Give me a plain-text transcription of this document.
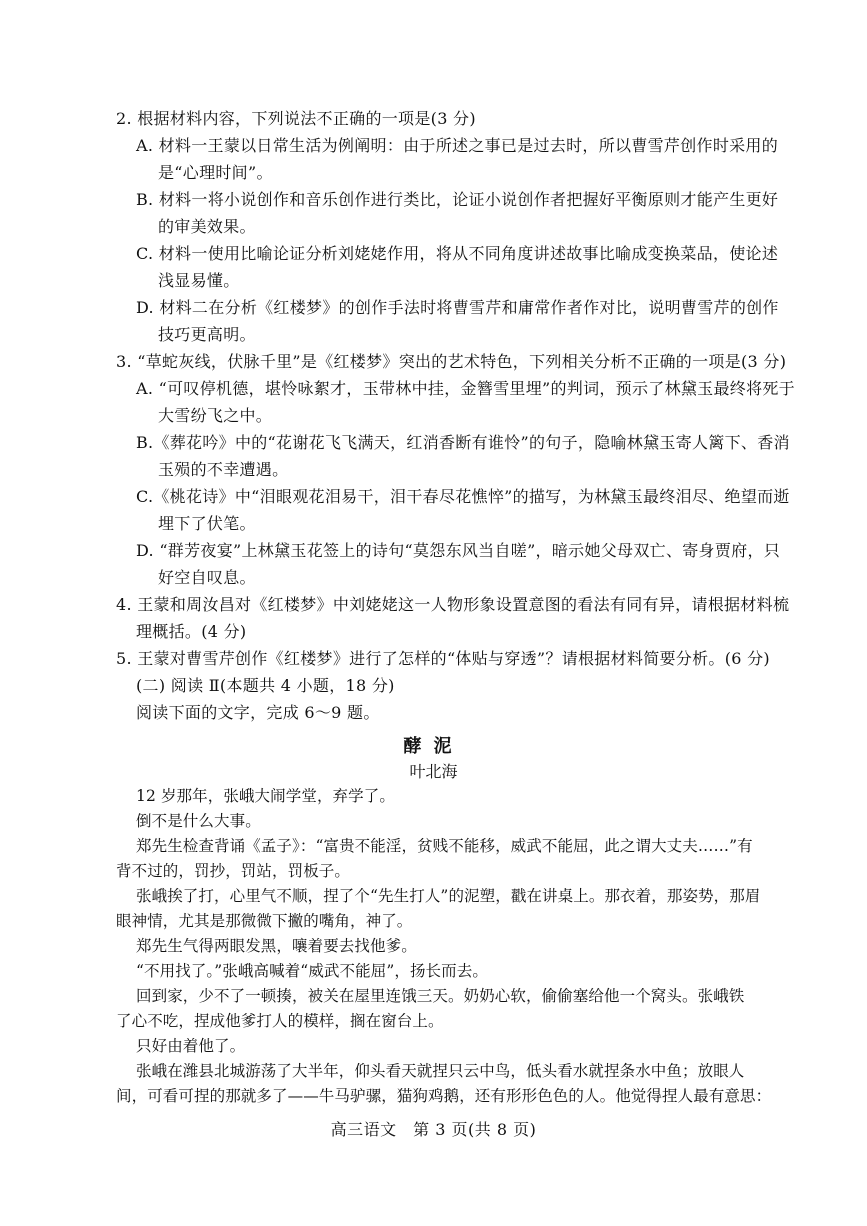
2. 根据材料内容，下列说法不正确的一项是(3 分)
A. 材料一王蒙以日常生活为例阐明：由于所述之事已是过去时，所以曹雪芹创作时采用的
是“心理时间”。
B. 材料一将小说创作和音乐创作进行类比，论证小说创作者把握好平衡原则才能产生更好
的审美效果。
C. 材料一使用比喻论证分析刘姥姥作用，将从不同角度讲述故事比喻成变换菜品，使论述
浅显易懂。
D. 材料二在分析《红楼梦》的创作手法时将曹雪芹和庸常作者作对比，说明曹雪芹的创作
技巧更高明。
3. “草蛇灰线，伏脉千里”是《红楼梦》突出的艺术特色，下列相关分析不正确的一项是(3 分)
A. “可叹停机德，堪怜咏絮才，玉带林中挂，金簪雪里埋”的判词，预示了林黛玉最终将死于
大雪纷飞之中。
B.《葬花吟》中的“花谢花飞飞满天，红消香断有谁怜”的句子，隐喻林黛玉寄人篱下、香消
玉殒的不幸遭遇。
C.《桃花诗》中“泪眼观花泪易干，泪干春尽花憔悴”的描写，为林黛玉最终泪尽、绝望而逝
埋下了伏笔。
D. “群芳夜宴”上林黛玉花签上的诗句“莫怨东风当自嗟”，暗示她父母双亡、寄身贾府，只
好空自叹息。
4. 王蒙和周汝昌对《红楼梦》中刘姥姥这一人物形象设置意图的看法有同有异，请根据材料梳
理概括。(4 分)
5. 王蒙对曹雪芹创作《红楼梦》进行了怎样的“体贴与穿透”？请根据材料简要分析。(6 分)
(二) 阅读 Ⅱ(本题共 4 小题，18 分)
阅读下面的文字，完成 6～9 题。
酵泥
叶北海
12 岁那年，张峨大闹学堂，弃学了。
倒不是什么大事。
郑先生检查背诵《孟子》：“富贵不能淫，贫贱不能移，威武不能屈，此之谓大丈夫……”有
背不过的，罚抄，罚站，罚板子。
张峨挨了打，心里气不顺，捏了个“先生打人”的泥塑，戳在讲桌上。那衣着，那姿势，那眉
眼神情，尤其是那微微下撇的嘴角，神了。
郑先生气得两眼发黑，嚷着要去找他爹。
“不用找了。”张峨高喊着“威武不能屈”，扬长而去。
回到家，少不了一顿揍，被关在屋里连饿三天。奶奶心软，偷偷塞给他一个窝头。张峨铁
了心不吃，捏成他爹打人的模样，搁在窗台上。
只好由着他了。
张峨在潍县北城游荡了大半年，仰头看天就捏只云中鸟，低头看水就捏条水中鱼；放眼人
高三语文　第 3 页(共 8 页)
间，可看可捏的那就多了——牛马驴骡，猫狗鸡鹅，还有形形色色的人。他觉得捏人最有意思：
